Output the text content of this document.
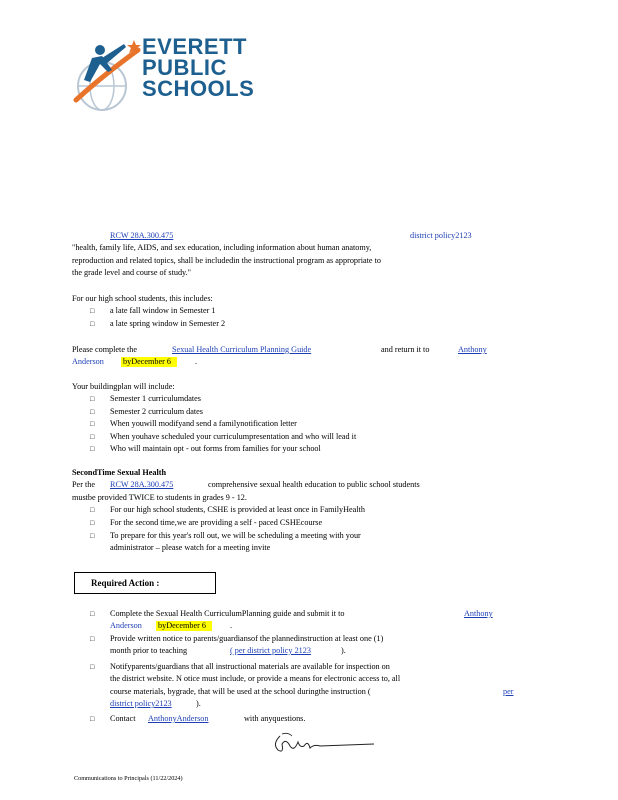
EVERETT
PUBLIC
SCHOOLS
RCW 28A.300.475	district policy2123
"health, family life, AIDS, and sex education, including information about human anatomy,
reproduction and related topics, shall be includedin the instructional program as appropriate to
the grade level and course of study."
For our high school students, this includes:
□ a late fall window in Semester 1
□ a late spring window in Semester 2
Please complete the	Sexual Health Curriculum Planning Guide	and return it to	Anthony
Anderson byDecember 6	.
Your buildingplan will include:
□ Semester 1 curriculumdates
□ Semester 2 curriculum dates
□ When youwill modifyand send a familynotification letter
□ When youhave scheduled your curriculumpresentation and who will lead it
□ Who will maintain opt - out forms from families for your school
SecondTime Sexual Health
Per the RCW 28A.300.475	comprehensive sexual health education to public school students
mustbe provided TWICE to students in grades 9 - 12.
□ For our high school students, CSHE is provided at least once in FamilyHealth
□ For the second time,we are providing a self - paced CSHEcourse
□ To prepare for this year's roll out, we will be scheduling a meeting with your
administrator – please watch for a meeting invite
Required Action :
□ Complete the Sexual Health CurriculumPlanning guide and submit it to	Anthony
Anderson byDecember 6	.
□ Provide written notice to parents/guardiansof the plannedinstruction at least one (1)
month prior to teaching	( per district policy 2123	).
□ Notifyparents/guardians that all instructional materials are available for inspection on
the district website. N otice must include, or provide a means for electronic access to, all
course materials, bygrade, that will be used at the school duringthe instruction (	per
district policy2123	).
□ Contact AnthonyAnderson	with anyquestions.
Communications to Principals (11/22/2024)
